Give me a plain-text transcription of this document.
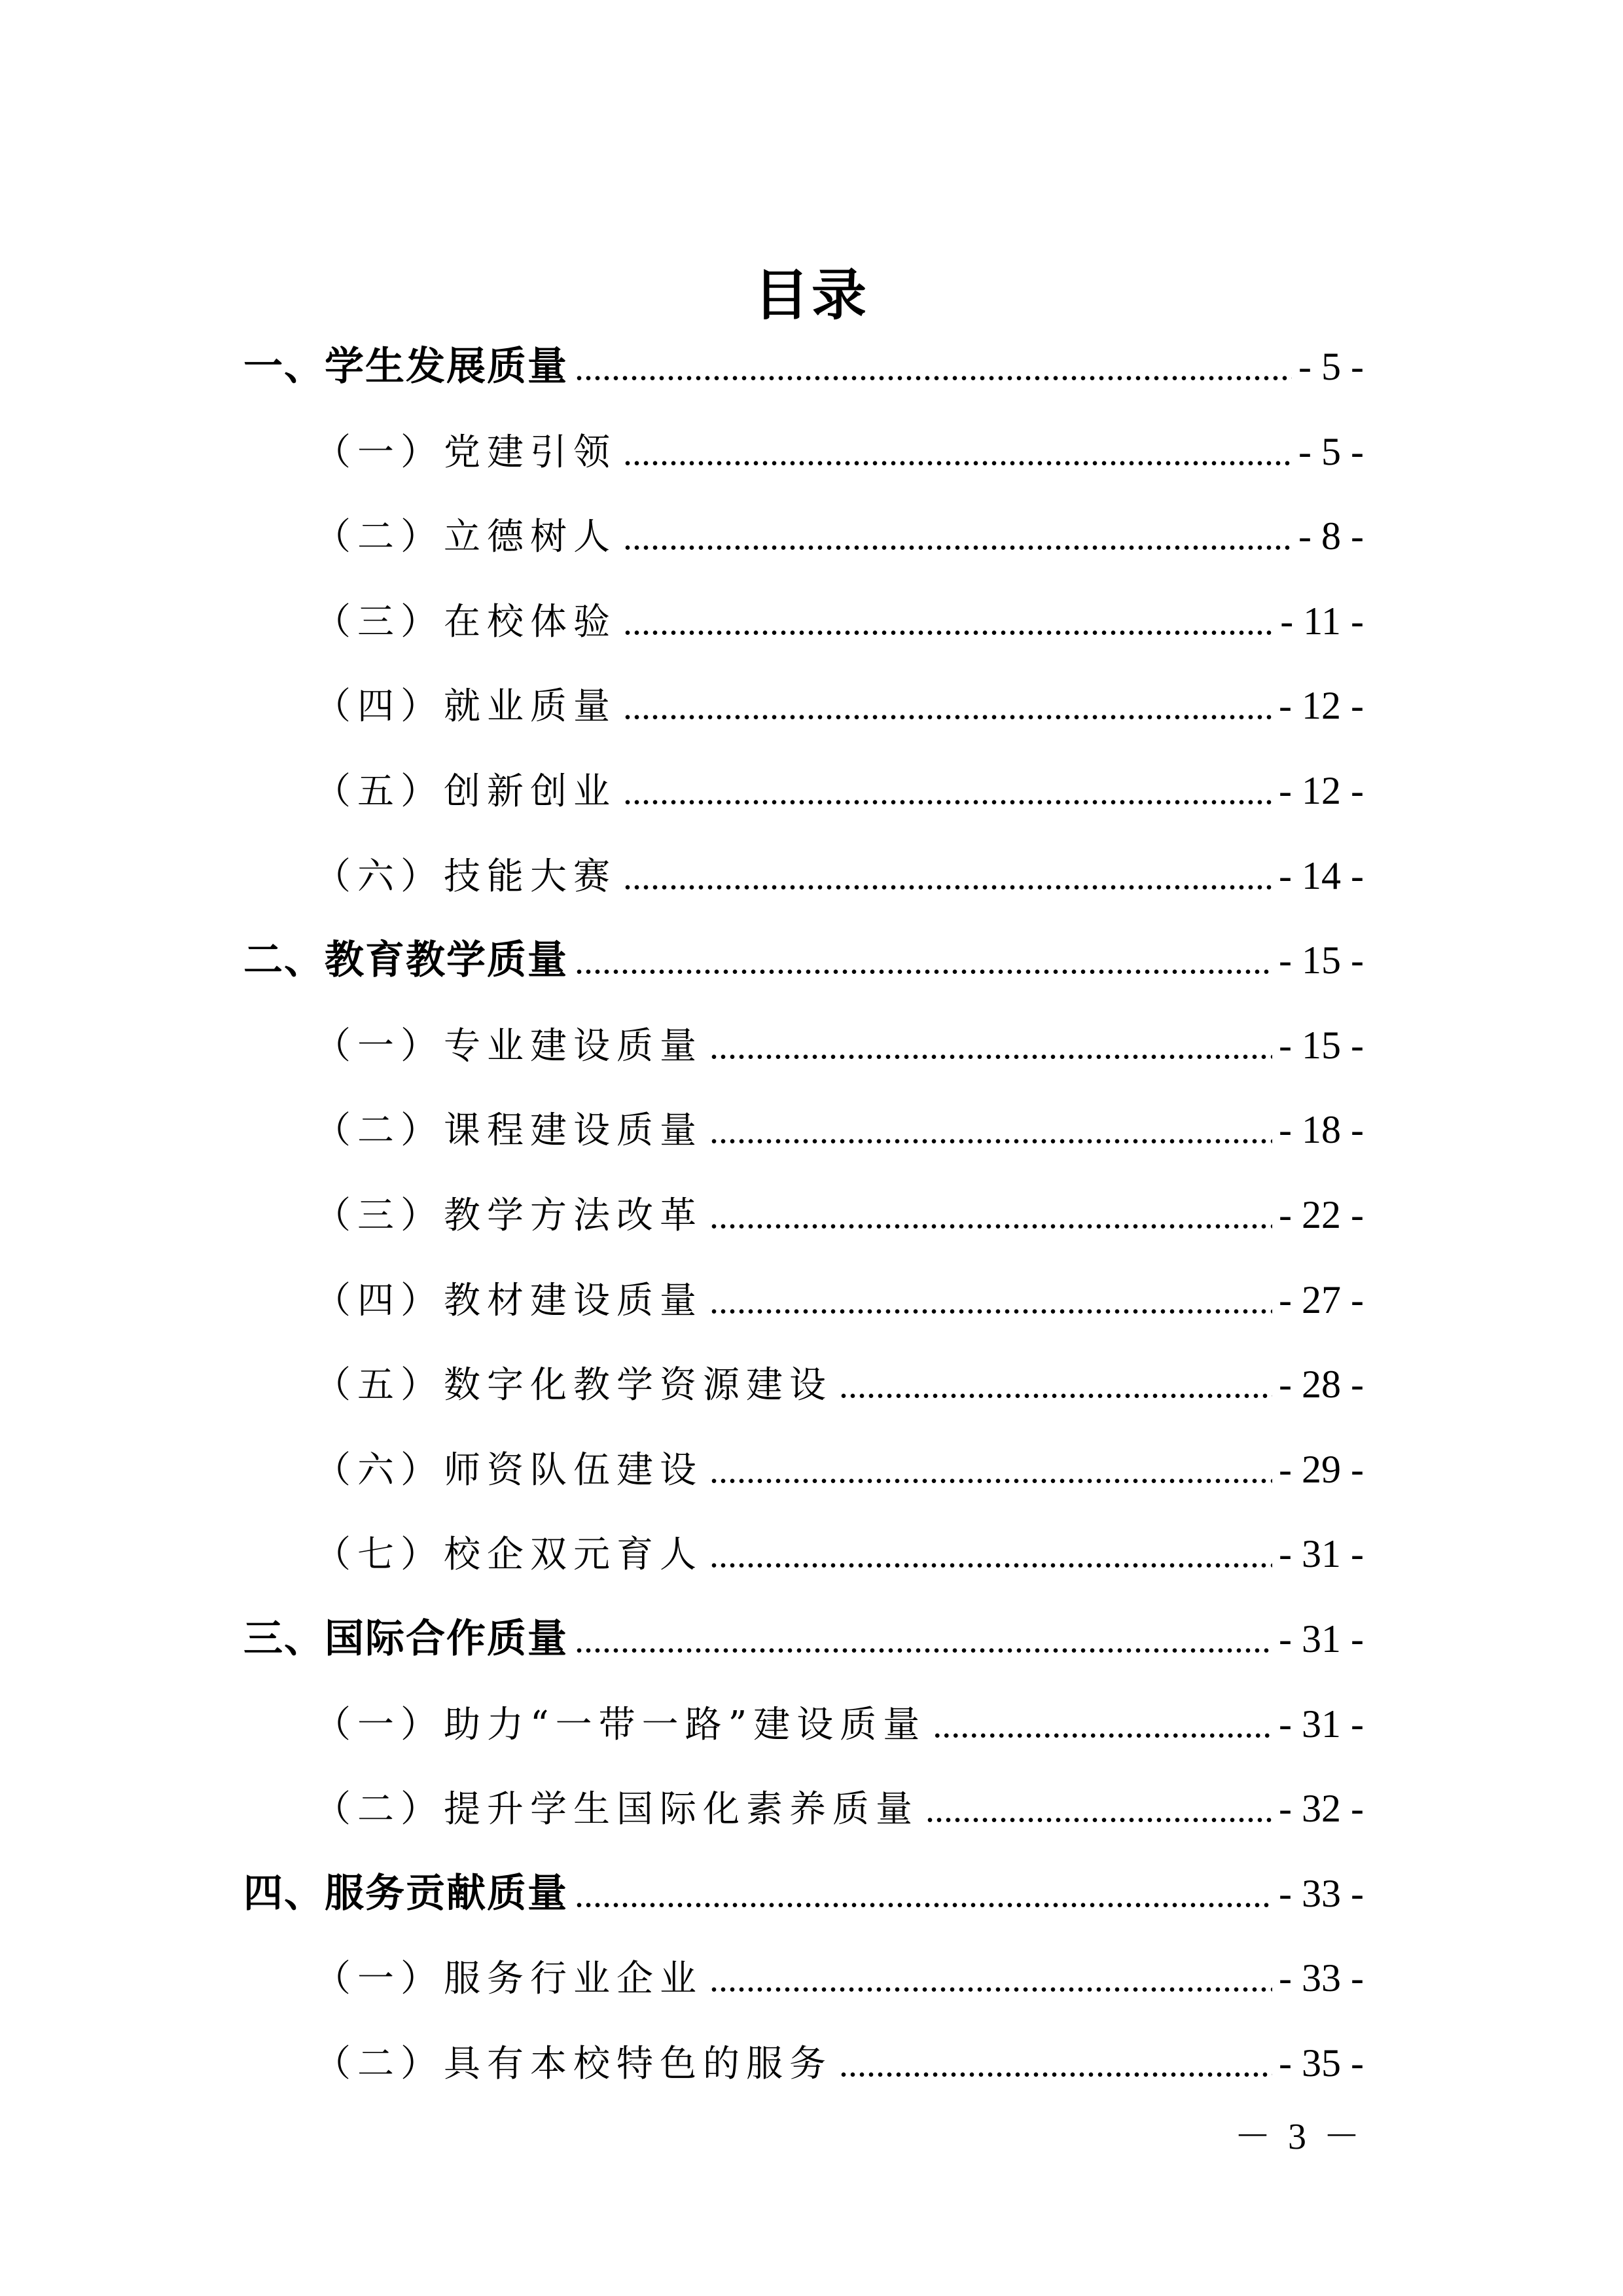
目录
一、学生发展质量 .....	- 5 -
（一）党建引领 .....	- 5 -
（二）立德树人 .....	- 8 -
（三）在校体验 .....	- 11 -
（四）就业质量 .....	- 12 -
（五）创新创业 .....	- 12 -
（六）技能大赛 .....	- 14 -
二、教育教学质量 .....	- 15 -
（一）专业建设质量 .....	- 15 -
（二）课程建设质量 .....	- 18 -
（三）教学方法改革 .....	- 22 -
（四）教材建设质量 .....	- 27 -
（五）数字化教学资源建设 .....	- 28 -
（六）师资队伍建设 .....	- 29 -
（七）校企双元育人 .....	- 31 -
三、国际合作质量 .....	- 31 -
（一）助力“一带一路”建设质量 .....	- 31 -
（二）提升学生国际化素养质量 .....	- 32 -
四、服务贡献质量 .....	- 33 -
（一）服务行业企业 .....	- 33 -
（二）具有本校特色的服务 .....	- 35 -
－ 3 －
